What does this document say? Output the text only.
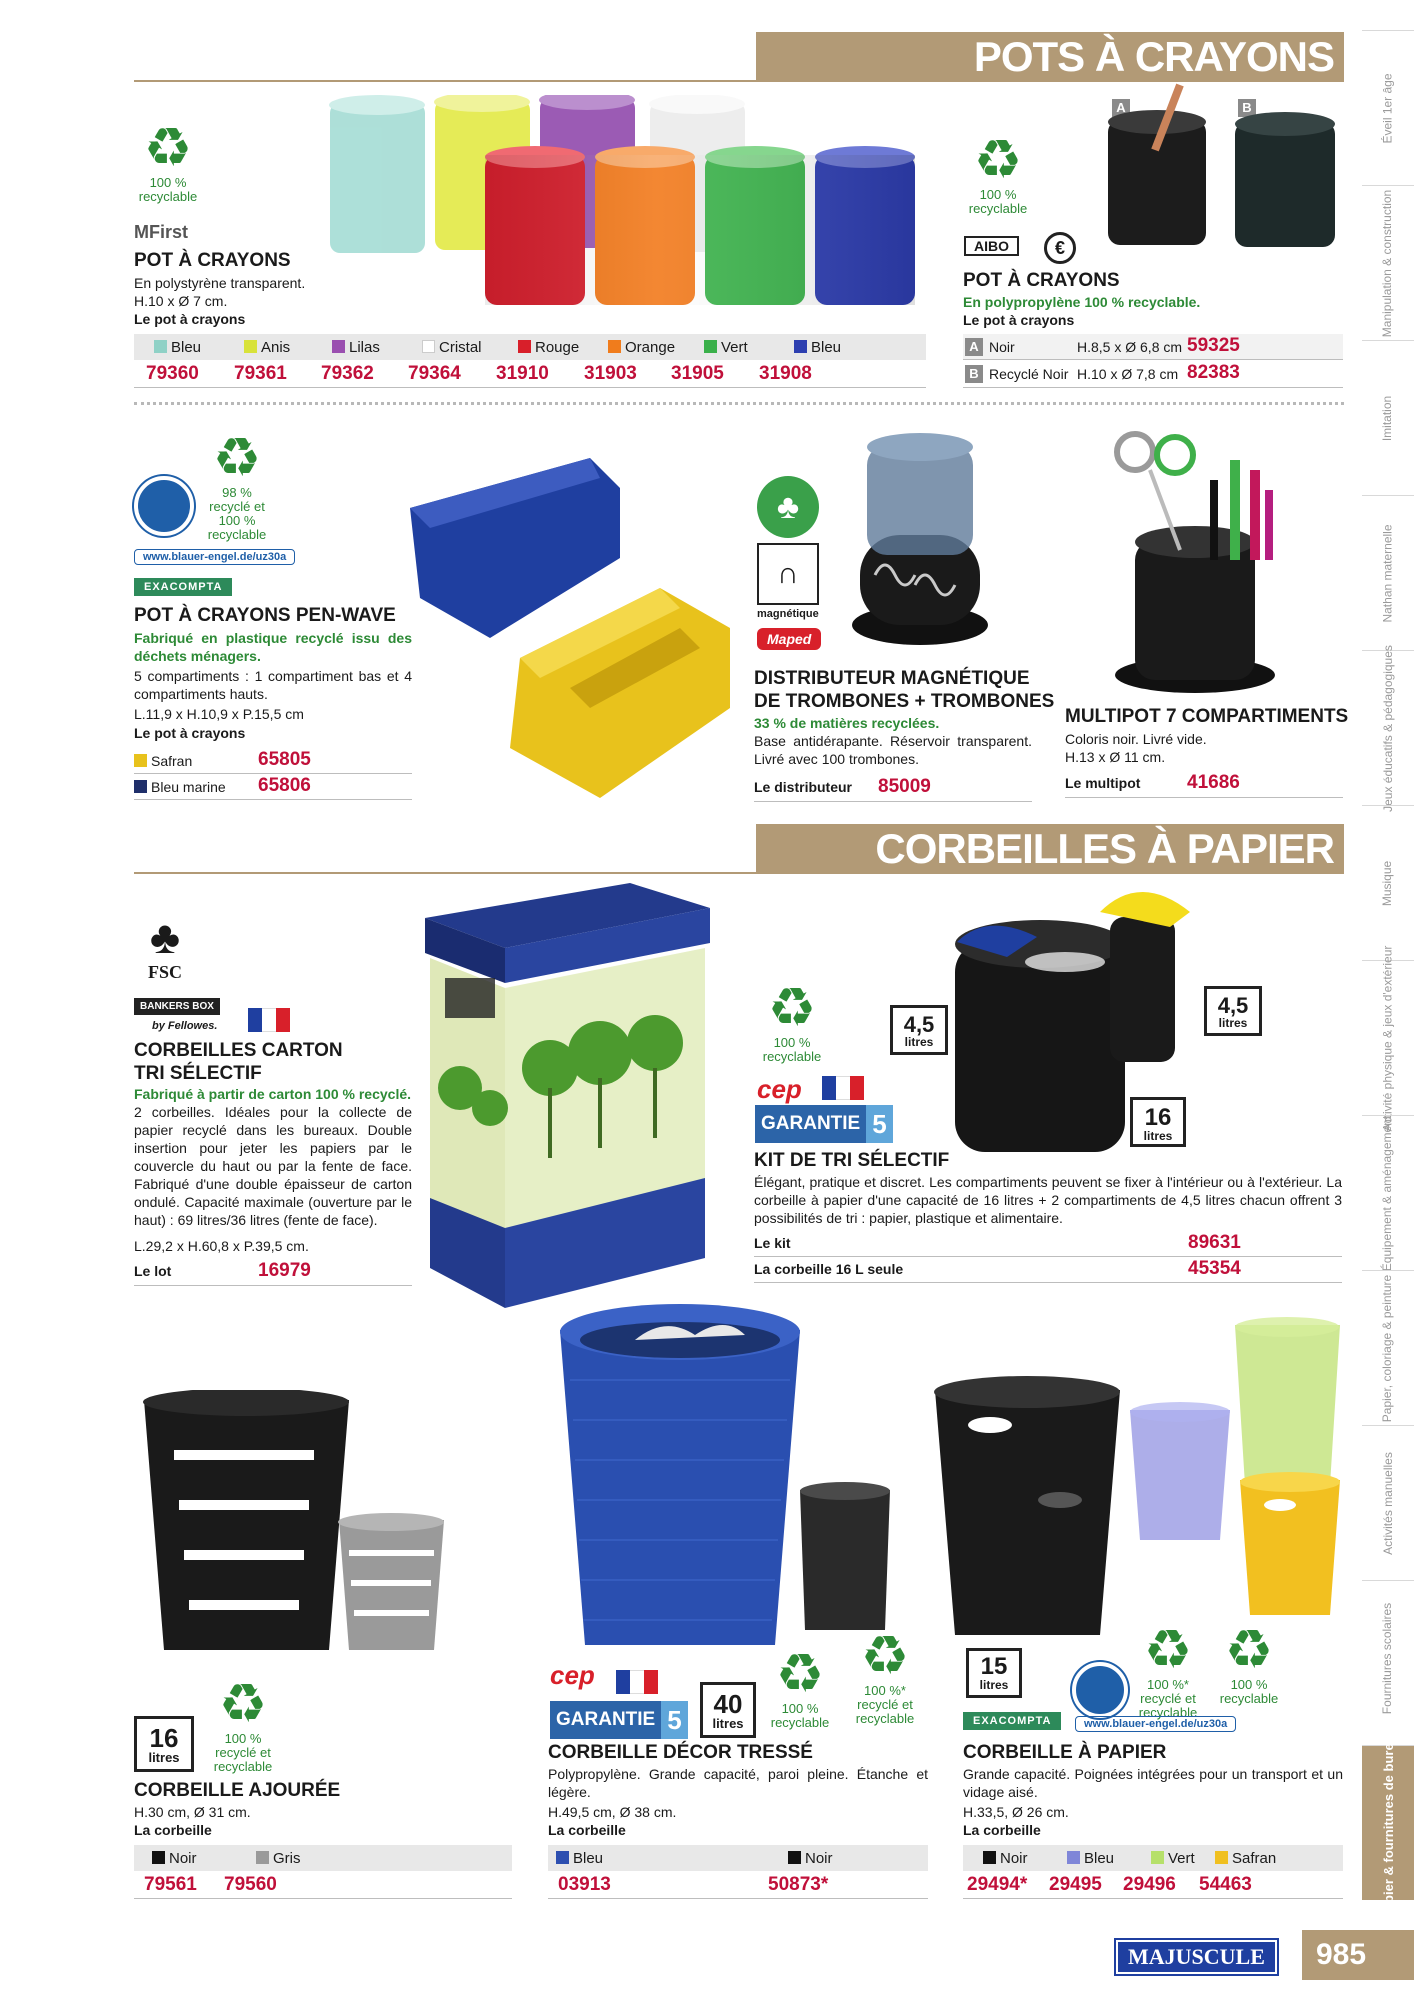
Éveil 1er âge
Manipulation & construction
Imitation
Nathan maternelle
Jeux éducatifs & pédagogiques
Musique
Activité physique & jeux d'extérieur
Équipement & aménagement
Papier, coloriage & peinture
Activités manuelles
Fournitures scolaires
Papier & fournitures de bureau
POTS À CRAYONS
♻
100 % recyclable
MFirst
POT À CRAYONS
En polystyrène transparent.
H.10 x Ø 7 cm.
Le pot à crayons
Bleu	Anis	Lilas	Cristal	Rouge	Orange	Vert	Bleu
79360 79361 79362 79364 31910 31903 31905 31908
A	B
♻
100 % recyclable
AIBO	€
POT À CRAYONS
En polypropylène 100 % recyclable.
Le pot à crayons
A Noir	H.8,5 x Ø 6,8 cm 59325
B Recyclé Noir H.10 x Ø 7,8 cm 82383
♻
98 % recyclé et 100 % recyclable
www.blauer-engel.de/uz30a
EXACOMPTA
POT À CRAYONS PEN-WAVE
Fabriqué en plastique recyclé issu des déchets ménagers.
5 compartiments : 1 compartiment bas et 4 compartiments hauts.
L.11,9 x H.10,9 x P.15,5 cm
Le pot à crayons
Safran	65805
Bleu marine 65806
♣
∩
magnétique
Maped
DISTRIBUTEUR MAGNÉTIQUE
DE TROMBONES + TROMBONES
33 % de matières recyclées.
Base antidérapante. Réservoir transparent. Livré avec 100 trombones.
Le distributeur 85009
MULTIPOT 7 COMPARTIMENTS
Coloris noir. Livré vide.
H.13 x Ø 11 cm.
Le multipot 41686
CORBEILLES À PAPIER
♣
FSC
BANKERS BOX
by Fellowes.
CORBEILLES CARTON
TRI SÉLECTIF
Fabriqué à partir de carton 100 % recyclé.
2 corbeilles. Idéales pour la collecte de papier recyclé dans les bureaux. Double insertion pour jeter les papiers par le couvercle du haut ou par la fente de face. Fabriqué d'une double épaisseur de carton ondulé. Capacité maximale (ouverture par le haut) : 69 litres/36 litres (fente de face).
L.29,2 x H.60,8 x P.39,5 cm.
Le lot	16979
♻
100 % recyclable
cep
GARANTIE 5
4,5
litres
4,5
litres
16
litres
KIT DE TRI SÉLECTIF
Élégant, pratique et discret. Les compartiments peuvent se fixer à l'intérieur ou à l'extérieur. La corbeille à papier d'une capacité de 16 litres + 2 compartiments de 4,5 litres chacun offrent 3 possibilités de tri : papier, plastique et alimentaire.
Le kit	89631
La corbeille 16 L seule	45354
16
litres
♻
100 % recyclé et recyclable
CORBEILLE AJOURÉE
H.30 cm, Ø 31 cm.
La corbeille
Noir	Gris
79561 79560
cep
GARANTIE 5
40
litres
♻
100 % recyclable
♻
100 %* recyclé et recyclable
CORBEILLE DÉCOR TRESSÉ
Polypropylène. Grande capacité, paroi pleine. Étanche et légère.
H.49,5 cm, Ø 38 cm.
La corbeille
Bleu	Noir
03913	50873*
15
litres
♻
100 %* recyclé et recyclable
♻
100 % recyclable
EXACOMPTA	www.blauer-engel.de/uz30a
CORBEILLE À PAPIER
Grande capacité. Poignées intégrées pour un transport et un vidage aisé.
H.33,5, Ø 26 cm.
La corbeille
Noir	Bleu	Vert	Safran
29494* 29495 29496 54463
MAJUSCULE	985
